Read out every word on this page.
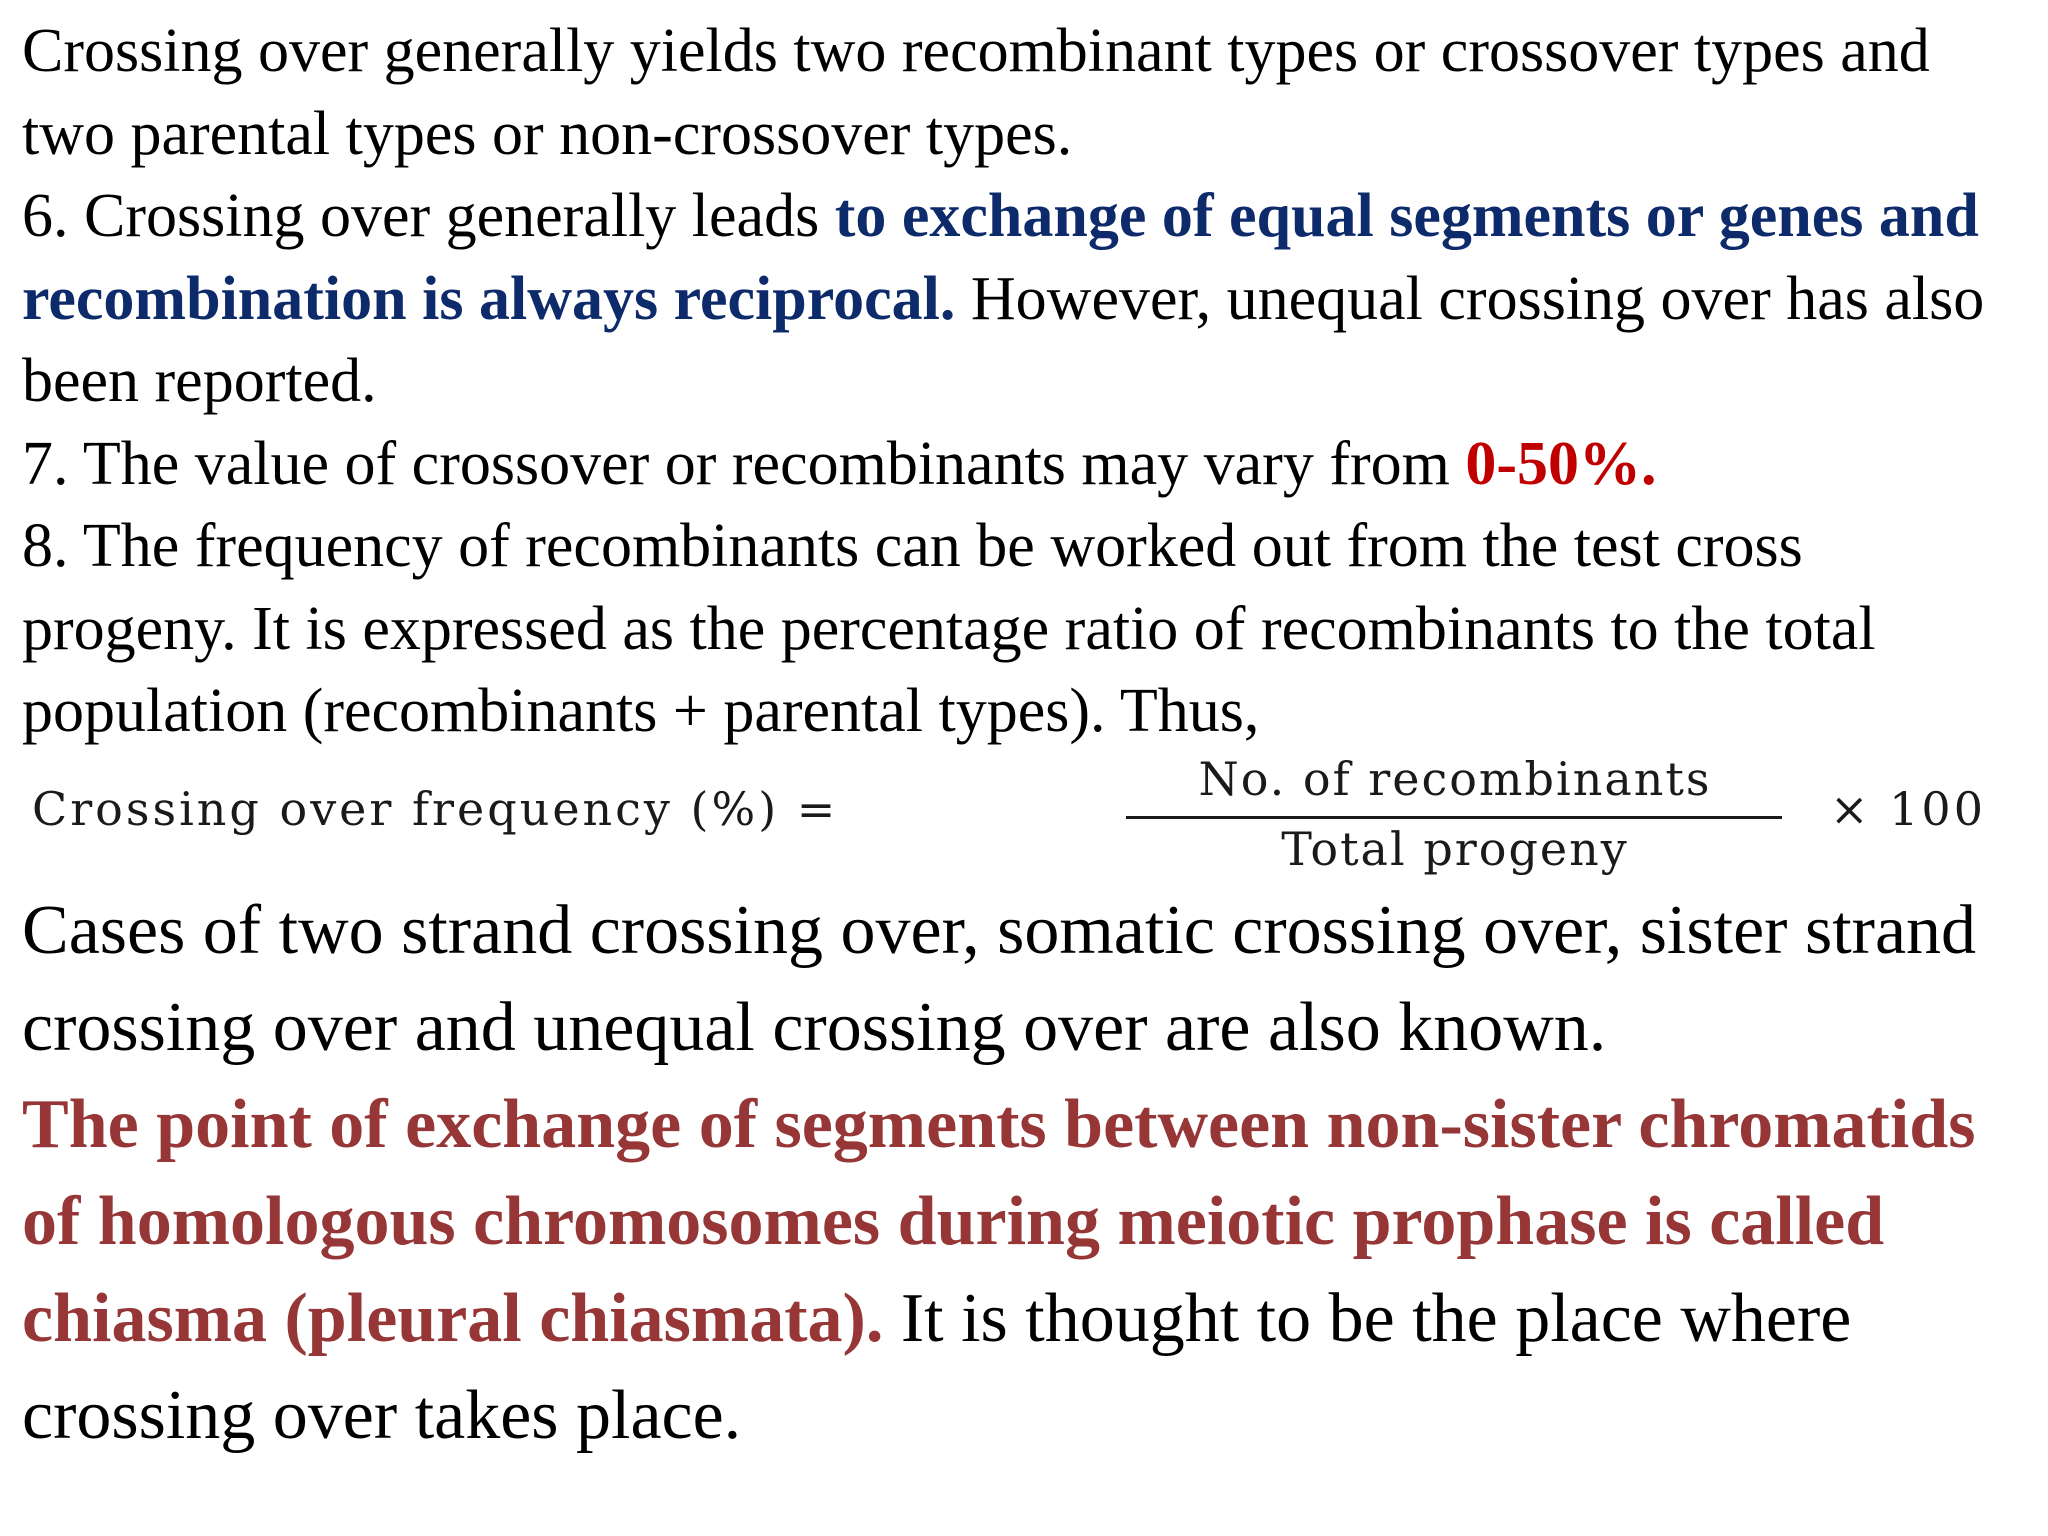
Crossing over generally yields two recombinant types or crossover types and two parental types or non-crossover types.

6. Crossing over generally leads to exchange of equal segments or genes and recombination is always reciprocal. However, unequal crossing over has also been reported.

7. The value of crossover or recombinants may vary from 0-50%.

8. The frequency of recombinants can be worked out from the test cross progeny. It is expressed as the percentage ratio of recombinants to the total population (recombinants + parental types). Thus,

Crossing over frequency (%) =
No. of recombinants
Total progeny
× 100

Cases of two strand crossing over, somatic crossing over, sister strand crossing over and unequal crossing over are also known.

The point of exchange of segments between non-sister chromatids of homologous chromosomes during meiotic prophase is called chiasma (pleural chiasmata). It is thought to be the place where crossing over takes place.
